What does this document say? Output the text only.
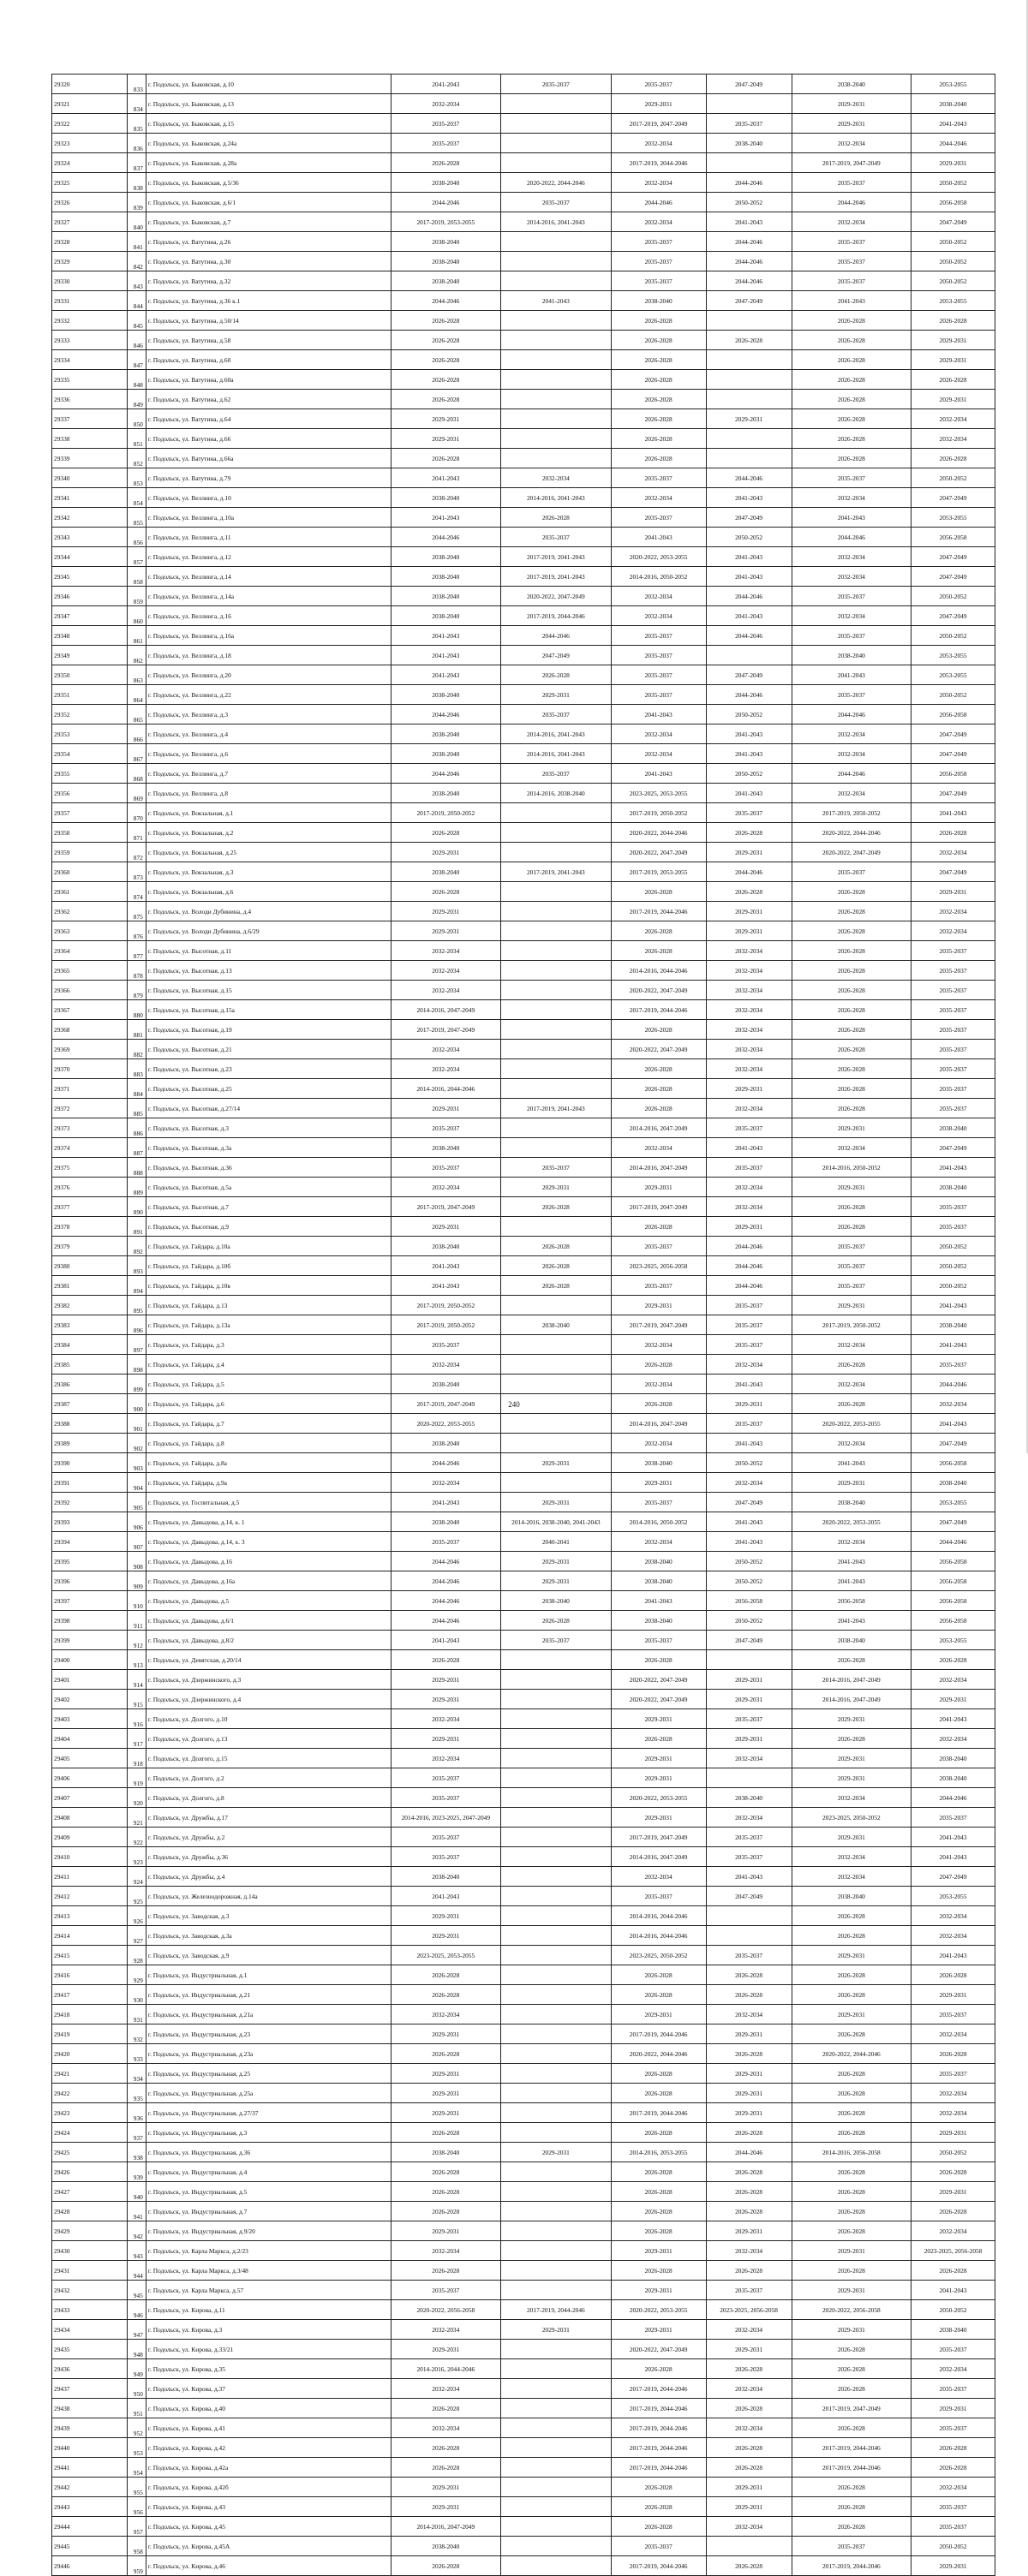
29320	833	г. Подольск, ул. Быковская, д.10	2041-2043	2035-2037	2035-2037	2047-2049	2038-2040	2053-2055
29321	834	г. Подольск, ул. Быковская, д.13	2032-2034		2029-2031		2029-2031	2038-2040
29322	835	г. Подольск, ул. Быковская, д.15	2035-2037		2017-2019, 2047-2049	2035-2037	2029-2031	2041-2043
29323	836	г. Подольск, ул. Быковская, д.24а	2035-2037		2032-2034	2038-2040	2032-2034	2044-2046
29324	837	г. Подольск, ул. Быковская, д.28а	2026-2028		2017-2019, 2044-2046		2017-2019, 2047-2049	2029-2031
29325	838	г. Подольск, ул. Быковская, д.5/36	2038-2040	2020-2022, 2044-2046	2032-2034	2044-2046	2035-2037	2050-2052
29326	839	г. Подольск, ул. Быковская, д.6/1	2044-2046	2035-2037	2044-2046	2050-2052	2044-2046	2056-2058
29327	840	г. Подольск, ул. Быковская, д.7	2017-2019, 2053-2055	2014-2016, 2041-2043	2032-2034	2041-2043	2032-2034	2047-2049
29328	841	г. Подольск, ул. Ватутина, д.26	2038-2040		2035-2037	2044-2046	2035-2037	2050-2052
29329	842	г. Подольск, ул. Ватутина, д.30	2038-2040		2035-2037	2044-2046	2035-2037	2050-2052
29330	843	г. Подольск, ул. Ватутина, д.32	2038-2040		2035-2037	2044-2046	2035-2037	2050-2052
29331	844	г. Подольск, ул. Ватутина, д.36 к.1	2044-2046	2041-2043	2038-2040	2047-2049	2041-2043	2053-2055
29332	845	г. Подольск, ул. Ватутина, д.50/14	2026-2028		2026-2028		2026-2028	2026-2028
29333	846	г. Подольск, ул. Ватутина, д.58	2026-2028		2026-2028	2026-2028	2026-2028	2029-2031
29334	847	г. Подольск, ул. Ватутина, д.60	2026-2028		2026-2028		2026-2028	2029-2031
29335	848	г. Подольск, ул. Ватутина, д.60а	2026-2028		2026-2028		2026-2028	2026-2028
29336	849	г. Подольск, ул. Ватутина, д.62	2026-2028		2026-2028		2026-2028	2029-2031
29337	850	г. Подольск, ул. Ватутина, д.64	2029-2031		2026-2028	2029-2031	2026-2028	2032-2034
29338	851	г. Подольск, ул. Ватутина, д.66	2029-2031		2026-2028		2026-2028	2032-2034
29339	852	г. Подольск, ул. Ватутина, д.66а	2026-2028		2026-2028		2026-2028	2026-2028
29340	853	г. Подольск, ул. Ватутина, д.79	2041-2043	2032-2034	2035-2037	2044-2046	2035-2037	2050-2052
29341	854	г. Подольск, ул. Веллинга, д.10	2038-2040	2014-2016, 2041-2043	2032-2034	2041-2043	2032-2034	2047-2049
29342	855	г. Подольск, ул. Веллинга, д.10а	2041-2043	2026-2028	2035-2037	2047-2049	2041-2043	2053-2055
29343	856	г. Подольск, ул. Веллинга, д.11	2044-2046	2035-2037	2041-2043	2050-2052	2044-2046	2056-2058
29344	857	г. Подольск, ул. Веллинга, д.12	2038-2040	2017-2019, 2041-2043	2020-2022, 2053-2055	2041-2043	2032-2034	2047-2049
29345	858	г. Подольск, ул. Веллинга, д.14	2038-2040	2017-2019, 2041-2043	2014-2016, 2050-2052	2041-2043	2032-2034	2047-2049
29346	859	г. Подольск, ул. Веллинга, д.14а	2038-2040	2020-2022, 2047-2049	2032-2034	2044-2046	2035-2037	2050-2052
29347	860	г. Подольск, ул. Веллинга, д.16	2038-2040	2017-2019, 2044-2046	2032-2034	2041-2043	2032-2034	2047-2049
29348	861	г. Подольск, ул. Веллинга, д.16а	2041-2043	2044-2046	2035-2037	2044-2046	2035-2037	2050-2052
29349	862	г. Подольск, ул. Веллинга, д.18	2041-2043	2047-2049	2035-2037		2038-2040	2053-2055
29350	863	г. Подольск, ул. Веллинга, д.20	2041-2043	2026-2028	2035-2037	2047-2049	2041-2043	2053-2055
29351	864	г. Подольск, ул. Веллинга, д.22	2038-2040	2029-2031	2035-2037	2044-2046	2035-2037	2050-2052
29352	865	г. Подольск, ул. Веллинга, д.3	2044-2046	2035-2037	2041-2043	2050-2052	2044-2046	2056-2058
29353	866	г. Подольск, ул. Веллинга, д.4	2038-2040	2014-2016, 2041-2043	2032-2034	2041-2043	2032-2034	2047-2049
29354	867	г. Подольск, ул. Веллинга, д.6	2038-2040	2014-2016, 2041-2043	2032-2034	2041-2043	2032-2034	2047-2049
29355	868	г. Подольск, ул. Веллинга, д.7	2044-2046	2035-2037	2041-2043	2050-2052	2044-2046	2056-2058
29356	869	г. Подольск, ул. Веллинга, д.8	2038-2040	2014-2016, 2038-2040	2023-2025, 2053-2055	2041-2043	2032-2034	2047-2049
29357	870	г. Подольск, ул. Вокзальная, д.1	2017-2019, 2050-2052		2017-2019, 2050-2052	2035-2037	2017-2019, 2050-2052	2041-2043
29358	871	г. Подольск, ул. Вокзальная, д.2	2026-2028		2020-2022, 2044-2046	2026-2028	2020-2022, 2044-2046	2026-2028
29359	872	г. Подольск, ул. Вокзальная, д.25	2029-2031		2020-2022, 2047-2049	2029-2031	2020-2022, 2047-2049	2032-2034
29360	873	г. Подольск, ул. Вокзальная, д.3	2038-2040	2017-2019, 2041-2043	2017-2019, 2053-2055	2044-2046	2035-2037	2047-2049
29361	874	г. Подольск, ул. Вокзальная, д.6	2026-2028		2026-2028	2026-2028	2026-2028	2029-2031
29362	875	г. Подольск, ул. Володи Дубинина, д.4	2029-2031		2017-2019, 2044-2046	2029-2031	2026-2028	2032-2034
29363	876	г. Подольск, ул. Володи Дубинина, д.6/29	2029-2031		2026-2028	2029-2031	2026-2028	2032-2034
29364	877	г. Подольск, ул. Высотная, д.11	2032-2034		2026-2028	2032-2034	2026-2028	2035-2037
29365	878	г. Подольск, ул. Высотная, д.13	2032-2034		2014-2016, 2044-2046	2032-2034	2026-2028	2035-2037
29366	879	г. Подольск, ул. Высотная, д.15	2032-2034		2020-2022, 2047-2049	2032-2034	2026-2028	2035-2037
29367	880	г. Подольск, ул. Высотная, д.15а	2014-2016, 2047-2049		2017-2019, 2044-2046	2032-2034	2026-2028	2035-2037
29368	881	г. Подольск, ул. Высотная, д.19	2017-2019, 2047-2049		2026-2028	2032-2034	2026-2028	2035-2037
29369	882	г. Подольск, ул. Высотная, д.21	2032-2034		2020-2022, 2047-2049	2032-2034	2026-2028	2035-2037
29370	883	г. Подольск, ул. Высотная, д.23	2032-2034		2026-2028	2032-2034	2026-2028	2035-2037
29371	884	г. Подольск, ул. Высотная, д.25	2014-2016, 2044-2046		2026-2028	2029-2031	2026-2028	2035-2037
29372	885	г. Подольск, ул. Высотная, д.27/14	2029-2031	2017-2019, 2041-2043	2026-2028	2032-2034	2026-2028	2035-2037
29373	886	г. Подольск, ул. Высотная, д.3	2035-2037		2014-2016, 2047-2049	2035-2037	2029-2031	2038-2040
29374	887	г. Подольск, ул. Высотная, д.3а	2038-2040		2032-2034	2041-2043	2032-2034	2047-2049
29375	888	г. Подольск, ул. Высотная, д.36	2035-2037	2035-2037	2014-2016, 2047-2049	2035-2037	2014-2016, 2050-2052	2041-2043
29376	889	г. Подольск, ул. Высотная, д.5а	2032-2034	2029-2031	2029-2031	2032-2034	2029-2031	2038-2040
29377	890	г. Подольск, ул. Высотная, д.7	2017-2019, 2047-2049	2026-2028	2017-2019, 2047-2049	2032-2034	2026-2028	2035-2037
29378	891	г. Подольск, ул. Высотная, д.9	2029-2031		2026-2028	2029-2031	2026-2028	2035-2037
29379	892	г. Подольск, ул. Гайдара, д.10а	2038-2040	2026-2028	2035-2037	2044-2046	2035-2037	2050-2052
29380	893	г. Подольск, ул. Гайдара, д.10б	2041-2043	2026-2028	2023-2025, 2056-2058	2044-2046	2035-2037	2050-2052
29381	894	г. Подольск, ул. Гайдара, д.10в	2041-2043	2026-2028	2035-2037	2044-2046	2035-2037	2050-2052
29382	895	г. Подольск, ул. Гайдара, д.13	2017-2019, 2050-2052		2029-2031	2035-2037	2029-2031	2041-2043
29383	896	г. Подольск, ул. Гайдара, д.13а	2017-2019, 2050-2052	2038-2040	2017-2019, 2047-2049	2035-2037	2017-2019, 2050-2052	2038-2040
29384	897	г. Подольск, ул. Гайдара, д.3	2035-2037		2032-2034	2035-2037	2032-2034	2041-2043
29385	898	г. Подольск, ул. Гайдара, д.4	2032-2034		2026-2028	2032-2034	2026-2028	2035-2037
29386	899	г. Подольск, ул. Гайдара, д.5	2038-2040		2032-2034	2041-2043	2032-2034	2044-2046
29387	900	г. Подольск, ул. Гайдара, д.6	2017-2019, 2047-2049		2026-2028	2029-2031	2026-2028	2032-2034
29388	901	г. Подольск, ул. Гайдара, д.7	2020-2022, 2053-2055		2014-2016, 2047-2049	2035-2037	2020-2022, 2053-2055	2041-2043
29389	902	г. Подольск, ул. Гайдара, д.8	2038-2040		2032-2034	2041-2043	2032-2034	2047-2049
29390	903	г. Подольск, ул. Гайдара, д.8а	2044-2046	2029-2031	2038-2040	2050-2052	2041-2043	2056-2058
29391	904	г. Подольск, ул. Гайдара, д.9а	2032-2034		2029-2031	2032-2034	2029-2031	2038-2040
29392	905	г. Подольск, ул. Госпитальная, д.5	2041-2043	2029-2031	2035-2037	2047-2049	2038-2040	2053-2055
29393	906	г. Подольск, ул. Давыдова, д.14, к. 1	2038-2040	2014-2016, 2038-2040, 2041-2043	2014-2016, 2050-2052	2041-2043	2020-2022, 2053-2055	2047-2049
29394	907	г. Подольск, ул. Давыдова, д.14, к. 3	2035-2037	2040-2041	2032-2034	2041-2043	2032-2034	2044-2046
29395	908	г. Подольск, ул. Давыдова, д.16	2044-2046	2029-2031	2038-2040	2050-2052	2041-2043	2056-2058
29396	909	г. Подольск, ул. Давыдова, д.16а	2044-2046	2029-2031	2038-2040	2050-2052	2041-2043	2056-2058
29397	910	г. Подольск, ул. Давыдова, д.5	2044-2046	2038-2040	2041-2043	2056-2058	2056-2058	2056-2058
29398	911	г. Подольск, ул. Давыдова, д.6/1	2044-2046	2026-2028	2038-2040	2050-2052	2041-2043	2056-2058
29399	912	г. Подольск, ул. Давыдова, д.8/2	2041-2043	2035-2037	2035-2037	2047-2049	2038-2040	2053-2055
29400	913	г. Подольск, ул. Девятская, д.20/14	2026-2028		2026-2028		2026-2028	2026-2028
29401	914	г. Подольск, ул. Дзержинского, д.3	2029-2031		2020-2022, 2047-2049	2029-2031	2014-2016, 2047-2049	2032-2034
29402	915	г. Подольск, ул. Дзержинского, д.4	2029-2031		2020-2022, 2047-2049	2029-2031	2014-2016, 2047-2049	2029-2031
29403	916	г. Подольск, ул. Долгого, д.10	2032-2034		2029-2031	2035-2037	2029-2031	2041-2043
29404	917	г. Подольск, ул. Долгого, д.13	2029-2031		2026-2028	2029-2031	2026-2028	2032-2034
29405	918	г. Подольск, ул. Долгого, д.15	2032-2034		2029-2031	2032-2034	2029-2031	2038-2040
29406	919	г. Подольск, ул. Долгого, д.2	2035-2037		2029-2031		2029-2031	2038-2040
29407	920	г. Подольск, ул. Долгого, д.8	2035-2037		2020-2022, 2053-2055	2038-2040	2032-2034	2044-2046
29408	921	г. Подольск, ул. Дружбы, д.17	2014-2016, 2023-2025, 2047-2049		2029-2031	2032-2034	2023-2025, 2050-2052	2035-2037
29409	922	г. Подольск, ул. Дружбы, д.2	2035-2037		2017-2019, 2047-2049	2035-2037	2029-2031	2041-2043
29410	923	г. Подольск, ул. Дружбы, д.36	2035-2037		2014-2016, 2047-2049	2035-2037	2032-2034	2041-2043
29411	924	г. Подольск, ул. Дружбы, д.4	2038-2040		2032-2034	2041-2043	2032-2034	2047-2049
29412	925	г. Подольск, ул. Железнодорожная, д.14а	2041-2043		2035-2037	2047-2049	2038-2040	2053-2055
29413	926	г. Подольск, ул. Заводская, д.3	2029-2031		2014-2016, 2044-2046		2026-2028	2032-2034
29414	927	г. Подольск, ул. Заводская, д.3а	2029-2031		2014-2016, 2044-2046		2026-2028	2032-2034
29415	928	г. Подольск, ул. Заводская, д.9	2023-2025, 2053-2055		2023-2025, 2050-2052	2035-2037	2029-2031	2041-2043
29416	929	г. Подольск, ул. Индустриальная, д.1	2026-2028		2026-2028	2026-2028	2026-2028	2026-2028
29417	930	г. Подольск, ул. Индустриальная, д.21	2026-2028		2026-2028	2026-2028	2026-2028	2029-2031
29418	931	г. Подольск, ул. Индустриальная, д.21а	2032-2034		2029-2031	2032-2034	2029-2031	2035-2037
29419	932	г. Подольск, ул. Индустриальная, д.23	2029-2031		2017-2019, 2044-2046	2029-2031	2026-2028	2032-2034
29420	933	г. Подольск, ул. Индустриальная, д.23а	2026-2028		2020-2022, 2044-2046	2026-2028	2020-2022, 2044-2046	2026-2028
29421	934	г. Подольск, ул. Индустриальная, д.25	2029-2031		2026-2028	2029-2031	2026-2028	2035-2037
29422	935	г. Подольск, ул. Индустриальная, д.25а	2029-2031		2026-2028	2029-2031	2026-2028	2032-2034
29423	936	г. Подольск, ул. Индустриальная, д.27/37	2029-2031		2017-2019, 2044-2046	2029-2031	2026-2028	2032-2034
29424	937	г. Подольск, ул. Индустриальная, д.3	2026-2028		2026-2028	2026-2028	2026-2028	2029-2031
29425	938	г. Подольск, ул. Индустриальная, д.36	2038-2040	2029-2031	2014-2016, 2053-2055	2044-2046	2014-2016, 2056-2058	2050-2052
29426	939	г. Подольск, ул. Индустриальная, д.4	2026-2028		2026-2028	2026-2028	2026-2028	2026-2028
29427	940	г. Подольск, ул. Индустриальная, д.5	2026-2028		2026-2028	2026-2028	2026-2028	2029-2031
29428	941	г. Подольск, ул. Индустриальная, д.7	2026-2028		2026-2028	2026-2028	2026-2028	2026-2028
29429	942	г. Подольск, ул. Индустриальная, д.9/20	2029-2031		2026-2028	2029-2031	2026-2028	2032-2034
29430	943	г. Подольск, ул. Карла Маркса, д.2/23	2032-2034		2029-2031	2032-2034	2029-2031	2023-2025, 2056-2058
29431	944	г. Подольск, ул. Карла Маркса, д.3/48	2026-2028		2026-2028	2026-2028	2026-2028	2026-2028
29432	945	г. Подольск, ул. Карла Маркса, д.57	2035-2037		2029-2031	2035-2037	2029-2031	2041-2043
29433	946	г. Подольск, ул. Кирова, д.11	2020-2022, 2056-2058	2017-2019, 2044-2046	2020-2022, 2053-2055	2023-2025, 2056-2058	2020-2022, 2056-2058	2050-2052
29434	947	г. Подольск, ул. Кирова, д.3	2032-2034	2029-2031	2029-2031	2032-2034	2029-2031	2038-2040
29435	948	г. Подольск, ул. Кирова, д.33/21	2029-2031		2020-2022, 2047-2049	2029-2031	2026-2028	2035-2037
29436	949	г. Подольск, ул. Кирова, д.35	2014-2016, 2044-2046		2026-2028	2026-2028	2026-2028	2032-2034
29437	950	г. Подольск, ул. Кирова, д.37	2032-2034		2017-2019, 2044-2046	2032-2034	2026-2028	2035-2037
29438	951	г. Подольск, ул. Кирова, д.40	2026-2028		2017-2019, 2044-2046	2026-2028	2017-2019, 2047-2049	2029-2031
29439	952	г. Подольск, ул. Кирова, д.41	2032-2034		2017-2019, 2044-2046	2032-2034	2026-2028	2035-2037
29440	953	г. Подольск, ул. Кирова, д.42	2026-2028		2017-2019, 2044-2046	2026-2028	2017-2019, 2044-2046	2026-2028
29441	954	г. Подольск, ул. Кирова, д.42а	2026-2028		2017-2019, 2044-2046	2026-2028	2017-2019, 2044-2046	2026-2028
29442	955	г. Подольск, ул. Кирова, д.42б	2029-2031		2026-2028	2029-2031	2026-2028	2032-2034
29443	956	г. Подольск, ул. Кирова, д.43	2029-2031		2026-2028	2029-2031	2026-2028	2035-2037
29444	957	г. Подольск, ул. Кирова, д.45	2014-2016, 2047-2049		2026-2028	2032-2034	2026-2028	2035-2037
29445	958	г. Подольск, ул. Кирова, д.45А	2038-2040		2035-2037		2035-2037	2050-2052
29446	959	г. Подольск, ул. Кирова, д.46	2026-2028		2017-2019, 2044-2046	2026-2028	2017-2019, 2044-2046	2029-2031
240
